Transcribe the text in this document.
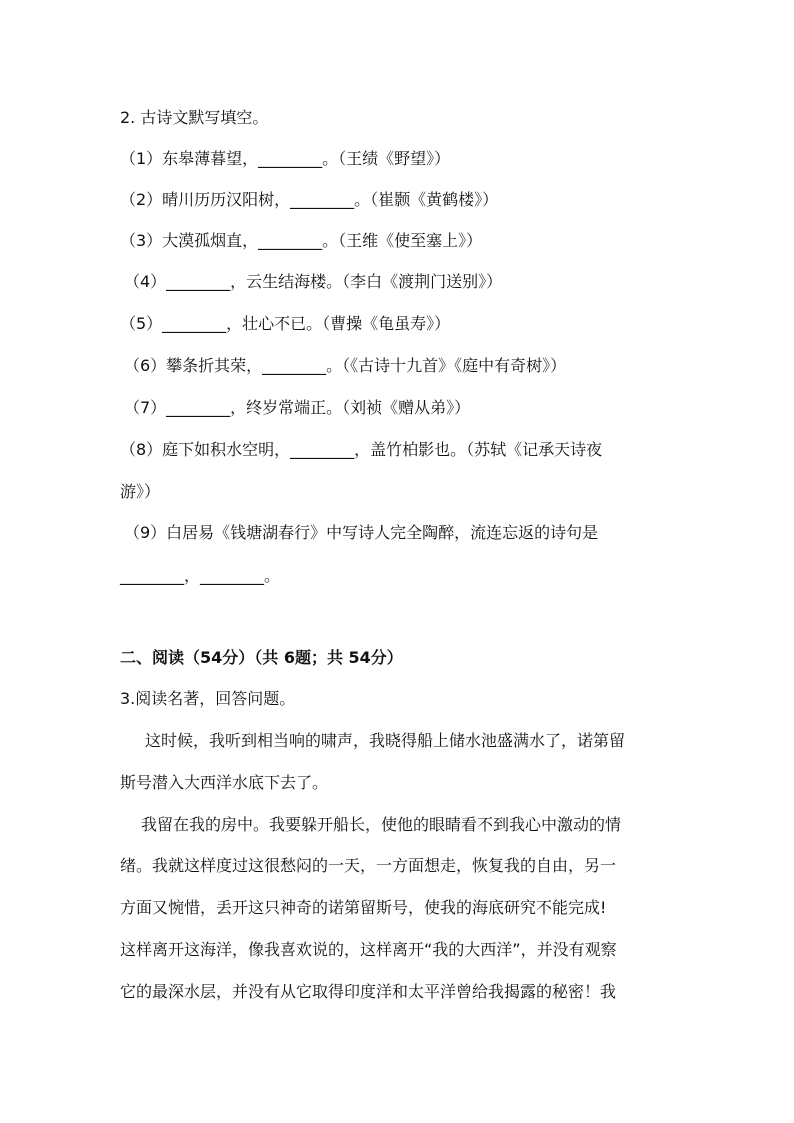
2. 古诗文默写填空。
（1）东皋薄暮望，________。（王绩《野望》）
（2）晴川历历汉阳树，________。（崔颢《黄鹤楼》）
（3）大漠孤烟直，________。（王维《使至塞上》）
（4）________，云生结海楼。（李白《渡荆门送别》）
（5）________，壮心不已。（曹操《龟虽寿》）
（6）攀条折其荣，________。（《古诗十九首》《庭中有奇树》）
（7）________，终岁常端正。（刘祯《赠从弟》）
（8）庭下如积水空明，________，盖竹柏影也。（苏轼《记承天诗夜
游》）
（9）白居易《钱塘湖春行》中写诗人完全陶醉，流连忘返的诗句是
________，________。
二、阅读（54分）（共 6题；共 54分）
3.阅读名著，回答问题。
这时候，我听到相当响的啸声，我晓得船上储水池盛满水了，诺第留
斯号潜入大西洋水底下去了。
我留在我的房中。我要躲开船长，使他的眼睛看不到我心中激动的情
绪。我就这样度过这很愁闷的一天，一方面想走，恢复我的自由，另一
方面又惋惜，丢开这只神奇的诺第留斯号，使我的海底研究不能完成!
这样离开这海洋，像我喜欢说的，这样离开“我的大西洋”，并没有观察
它的最深水层，并没有从它取得印度洋和太平洋曾给我揭露的秘密！我
